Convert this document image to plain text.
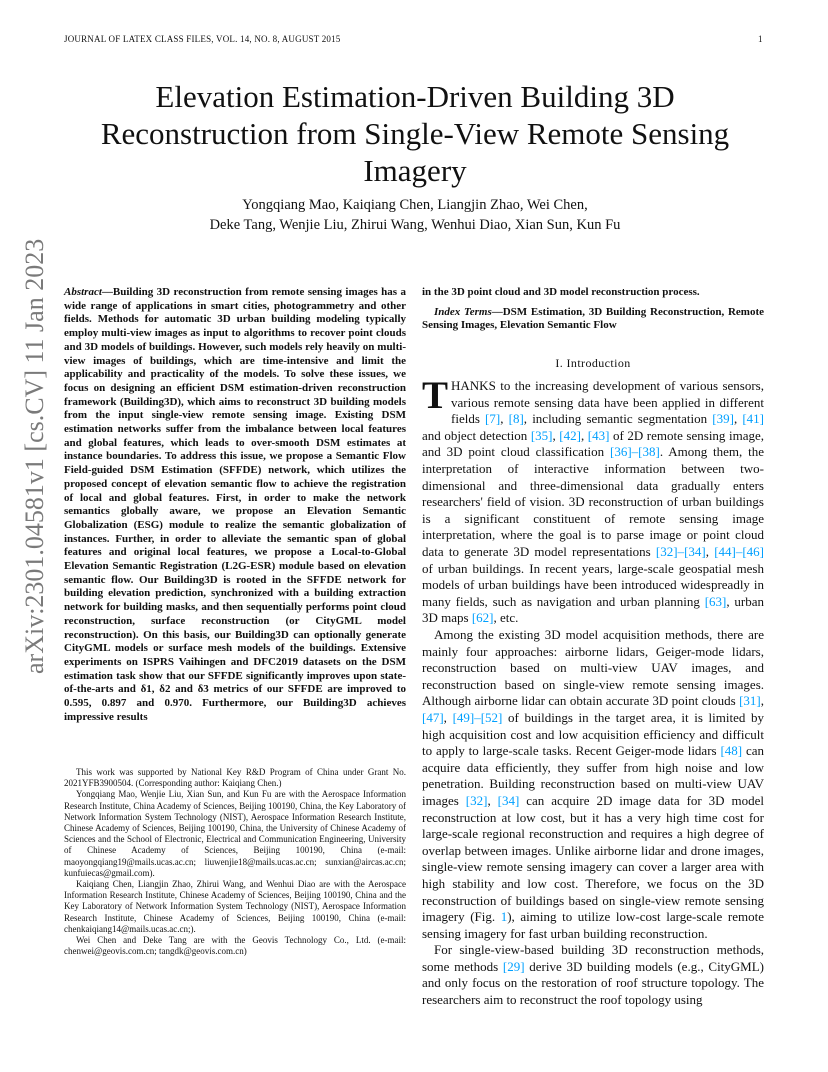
JOURNAL OF LATEX CLASS FILES, VOL. 14, NO. 8, AUGUST 2015	1
Elevation Estimation-Driven Building 3D Reconstruction from Single-View Remote Sensing Imagery
Yongqiang Mao, Kaiqiang Chen, Liangjin Zhao, Wei Chen,
Deke Tang, Wenjie Liu, Zhirui Wang, Wenhui Diao, Xian Sun, Kun Fu
arXiv:2301.04581v1 [cs.CV] 11 Jan 2023	Abstract—Building 3D reconstruction from remote sensing images has a wide range of applications in smart cities, photogrammetry and other fields. Methods for automatic 3D urban building modeling typically employ multi-view images as input to algorithms to recover point clouds and 3D models of buildings. However, such models rely heavily on multi-view images of buildings, which are time-intensive and limit the applicability and practicality of the models. To solve these issues, we focus on designing an efficient DSM estimation-driven reconstruction framework (Building3D), which aims to reconstruct 3D building models from the input single-view remote sensing image. Existing DSM estimation networks suffer from the imbalance between local features and global features, which leads to over-smooth DSM estimates at instance boundaries. To address this issue, we propose a Semantic Flow Field-guided DSM Estimation (SFFDE) network, which utilizes the proposed concept of elevation semantic flow to achieve the registration of local and global features. First, in order to make the network semantics globally aware, we propose an Elevation Semantic Globalization (ESG) module to realize the semantic globalization of instances. Further, in order to alleviate the semantic span of global features and original local features, we propose a Local-to-Global Elevation Semantic Registration (L2G-ESR) module based on elevation semantic flow. Our Building3D is rooted in the SFFDE network for building elevation prediction, synchronized with a building extraction network for building masks, and then sequentially performs point cloud reconstruction, surface reconstruction (or CityGML model reconstruction). On this basis, our Building3D can optionally generate CityGML models or surface mesh models of the buildings. Extensive experiments on ISPRS Vaihingen and DFC2019 datasets on the DSM estimation task show that our SFFDE significantly improves upon state-of-the-arts and δ1, δ2 and δ3 metrics of our SFFDE are improved to 0.595, 0.897 and 0.970. Furthermore, our Building3D achieves impressive results

This work was supported by National Key R&D Program of China under Grant No. 2021YFB3900504. (Corresponding author: Kaiqiang Chen.)

Yongqiang Mao, Wenjie Liu, Xian Sun, and Kun Fu are with the Aerospace Information Research Institute, China Academy of Sciences, Beijing 100190, China, the Key Laboratory of Network Information System Technology (NIST), Aerospace Information Research Institute, Chinese Academy of Sciences, Beijing 100190, China, the University of Chinese Academy of Sciences and the School of Electronic, Electrical and Communication Engineering, University of Chinese Academy of Sciences, Beijing 100190, China (e-mail: maoyongqiang19@mails.ucas.ac.cn; liuwenjie18@mails.ucas.ac.cn; sunxian@aircas.ac.cn; kunfuiecas@gmail.com).

Kaiqiang Chen, Liangjin Zhao, Zhirui Wang, and Wenhui Diao are with the Aerospace Information Research Institute, Chinese Academy of Sciences, Beijing 100190, China and the Key Laboratory of Network Information System Technology (NIST), Aerospace Information Research Institute, Chinese Academy of Sciences, Beijing 100190, China (e-mail: chenkaiqiang14@mails.ucas.ac.cn;).

Wei Chen and Deke Tang are with the Geovis Technology Co., Ltd. (e-mail: chenwei@geovis.com.cn; tangdk@geovis.com.cn)

in the 3D point cloud and 3D model reconstruction process.

Index Terms—DSM Estimation, 3D Building Reconstruction, Remote Sensing Images, Elevation Semantic Flow

I. Introduction

THANKS to the increasing development of various sensors, various remote sensing data have been applied in different fields [7], [8], including semantic segmentation [39], [41] and object detection [35], [42], [43] of 2D remote sensing image, and 3D point cloud classification [36]–[38]. Among them, the interpretation of interactive information between two-dimensional and three-dimensional data gradually enters researchers' field of vision. 3D reconstruction of urban buildings is a significant constituent of remote sensing image interpretation, where the goal is to parse image or point cloud data to generate 3D model representations [32]–[34], [44]–[46] of urban buildings. In recent years, large-scale geospatial mesh models of urban buildings have been introduced widespreadly in many fields, such as navigation and urban planning [63], urban 3D maps [62], etc.

Among the existing 3D model acquisition methods, there are mainly four approaches: airborne lidars, Geiger-mode lidars, reconstruction based on multi-view UAV images, and reconstruction based on single-view remote sensing images. Although airborne lidar can obtain accurate 3D point clouds [31], [47], [49]–[52] of buildings in the target area, it is limited by high acquisition cost and low acquisition efficiency and difficult to apply to large-scale tasks. Recent Geiger-mode lidars [48] can acquire data efficiently, they suffer from high noise and low penetration. Building reconstruction based on multi-view UAV images [32], [34] can acquire 2D image data for 3D model reconstruction at low cost, but it has a very high time cost for large-scale regional reconstruction and requires a high degree of overlap between images. Unlike airborne lidar and drone images, single-view remote sensing imagery can cover a larger area with high stability and low cost. Therefore, we focus on the 3D reconstruction of buildings based on single-view remote sensing imagery (Fig. 1), aiming to utilize low-cost large-scale remote sensing imagery for fast urban building reconstruction.

For single-view-based building 3D reconstruction methods, some methods [29] derive 3D building models (e.g., CityGML) and only focus on the restoration of roof structure topology. The researchers aim to reconstruct the roof topology using
